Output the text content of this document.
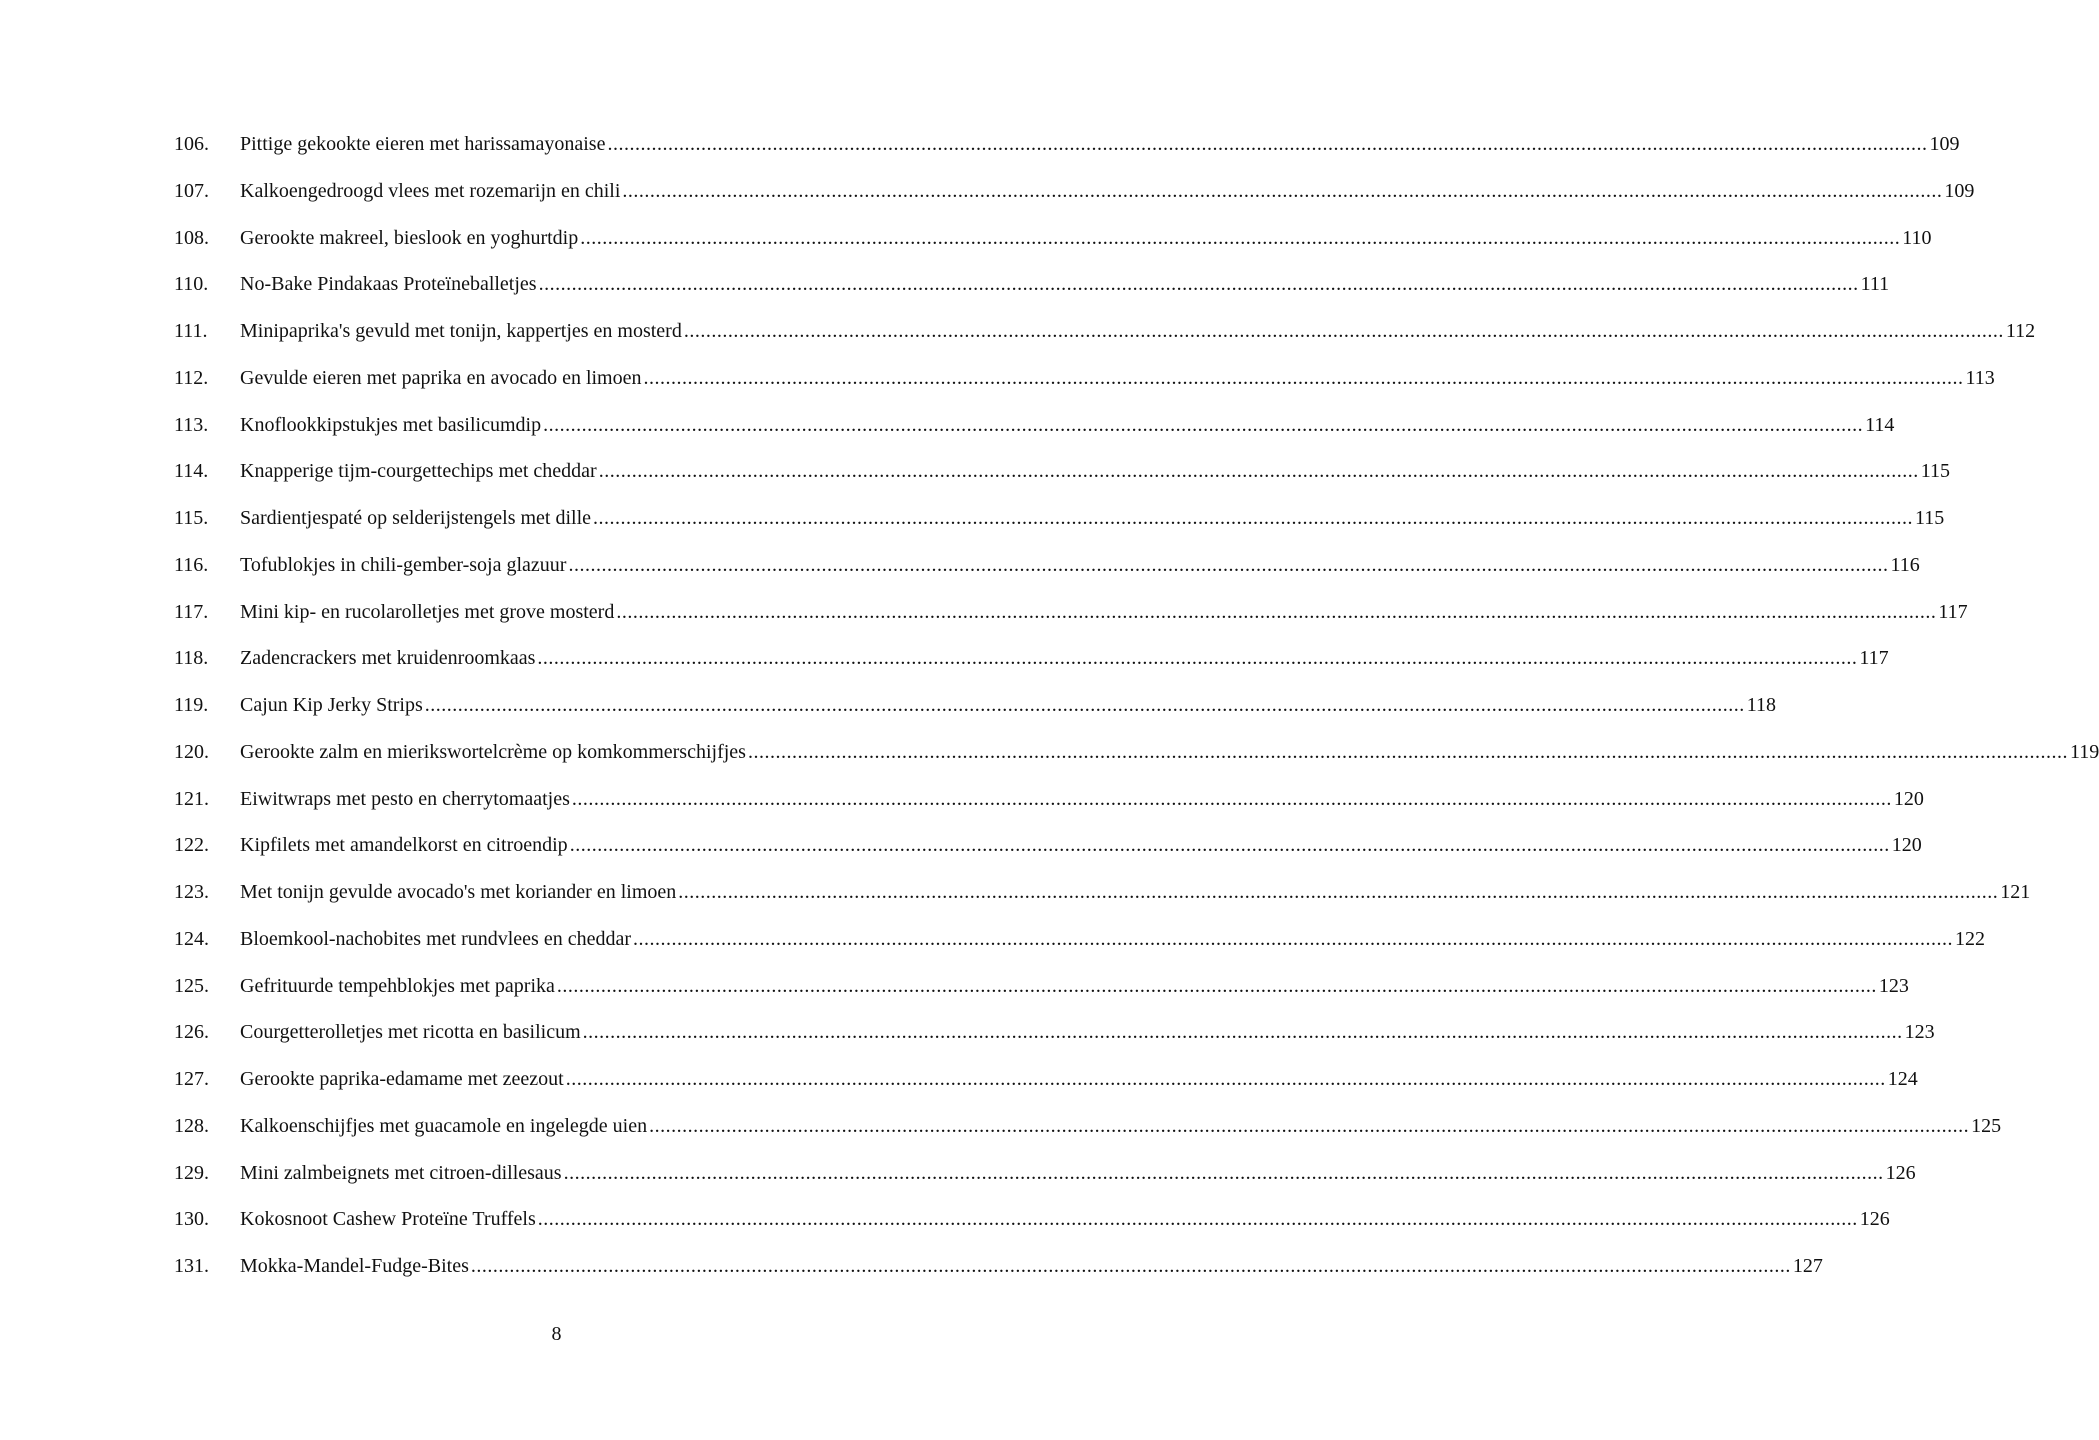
106.	Pittige gekookte eieren met harissamayonaise .....	109
107.	Kalkoengedroogd vlees met rozemarijn en chili .....	109
108.	Gerookte makreel, bieslook en yoghurtdip .....	110
110.	No-Bake Pindakaas Proteïneballetjes .....	111
111.	Minipaprika's gevuld met tonijn, kappertjes en mosterd .....	112
112.	Gevulde eieren met paprika en avocado en limoen .....	113
113.	Knoflookkipstukjes met basilicumdip .....	114
114.	Knapperige tijm-courgettechips met cheddar .....	115
115.	Sardientjespaté op selderijstengels met dille .....	115
116.	Tofublokjes in chili-gember-soja glazuur .....	116
117.	Mini kip- en rucolarolletjes met grove mosterd .....	117
118.	Zadencrackers met kruidenroomkaas .....	117
119.	Cajun Kip Jerky Strips .....	118
120.	Gerookte zalm en mierikswortelcrème op komkommerschijfjes .....	119
121.	Eiwitwraps met pesto en cherrytomaatjes .....	120
122.	Kipfilets met amandelkorst en citroendip .....	120
123.	Met tonijn gevulde avocado's met koriander en limoen .....	121
124.	Bloemkool-nachobites met rundvlees en cheddar .....	122
125.	Gefrituurde tempehblokjes met paprika .....	123
126.	Courgetterolletjes met ricotta en basilicum .....	123
127.	Gerookte paprika-edamame met zeezout .....	124
128.	Kalkoenschijfjes met guacamole en ingelegde uien .....	125
129.	Mini zalmbeignets met citroen-dillesaus .....	126
130.	Kokosnoot Cashew Proteïne Truffels .....	126
131.	Mokka-Mandel-Fudge-Bites .....	127
8
